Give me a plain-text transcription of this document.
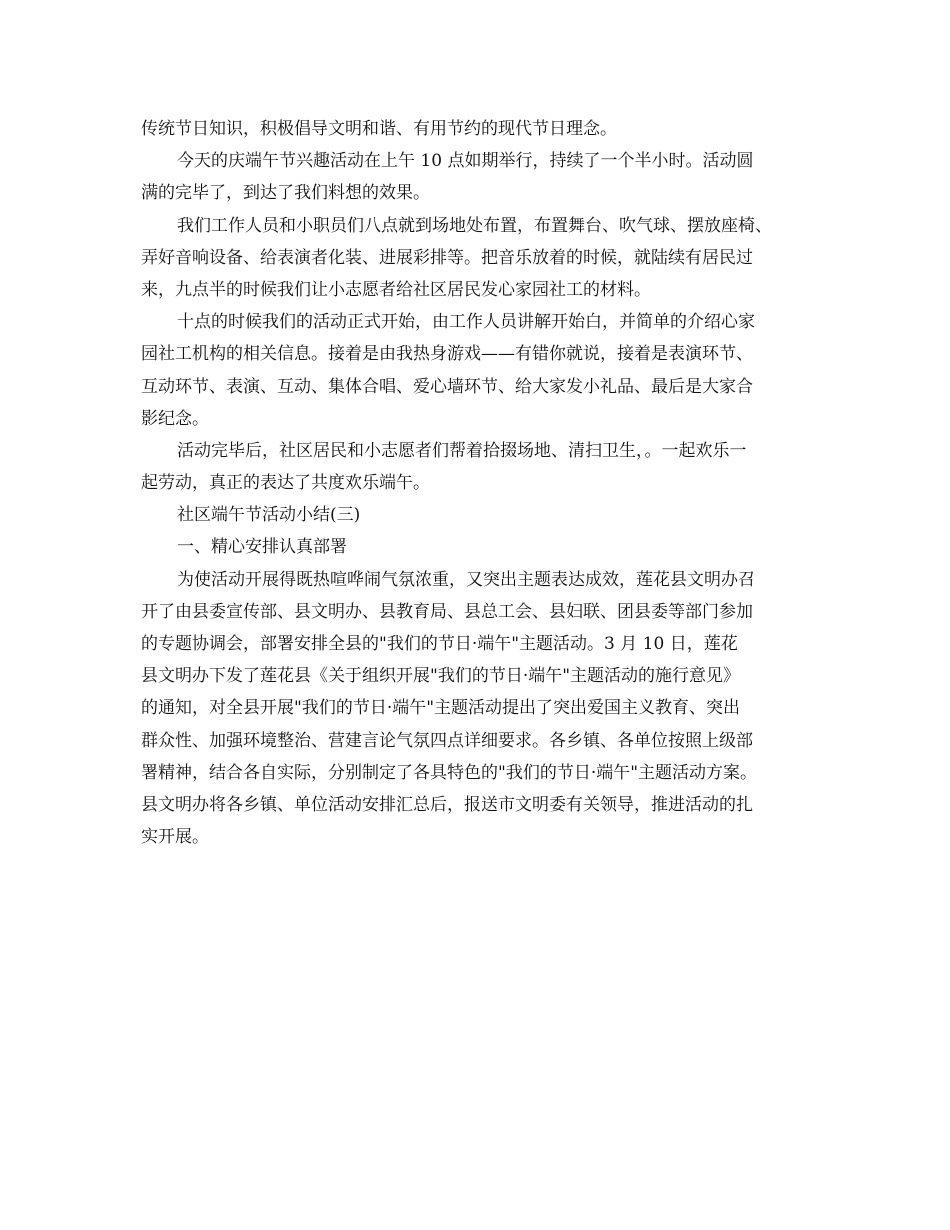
传统节日知识，积极倡导文明和谐、有用节约的现代节日理念。
今天的庆端午节兴趣活动在上午 10 点如期举行，持续了一个半小时。活动圆
满的完毕了，到达了我们料想的效果。
我们工作人员和小职员们八点就到场地处布置，布置舞台、吹气球、摆放座椅、
弄好音响设备、给表演者化装、进展彩排等。把音乐放着的时候，就陆续有居民过
来，九点半的时候我们让小志愿者给社区居民发心家园社工的材料。
十点的时候我们的活动正式开始，由工作人员讲解开始白，并简单的介绍心家
园社工机构的相关信息。接着是由我热身游戏——有错你就说，接着是表演环节、
互动环节、表演、互动、集体合唱、爱心墙环节、给大家发小礼品、最后是大家合
影纪念。
活动完毕后，社区居民和小志愿者们帮着拾掇场地、清扫卫生，。一起欢乐一
起劳动，真正的表达了共度欢乐端午。
社区端午节活动小结(三)
一、精心安排认真部署
为使活动开展得既热喧哗闹气氛浓重，又突出主题表达成效，莲花县文明办召
开了由县委宣传部、县文明办、县教育局、县总工会、县妇联、团县委等部门参加
的专题协调会，部署安排全县的"我们的节日·端午"主题活动。3 月 10 日，莲花
县文明办下发了莲花县《关于组织开展"我们的节日·端午"主题活动的施行意见》
的通知，对全县开展"我们的节日·端午"主题活动提出了突出爱国主义教育、突出
群众性、加强环境整治、营建言论气氛四点详细要求。各乡镇、各单位按照上级部
署精神，结合各自实际，分别制定了各具特色的"我们的节日·端午"主题活动方案。
县文明办将各乡镇、单位活动安排汇总后，报送市文明委有关领导，推进活动的扎
实开展。
